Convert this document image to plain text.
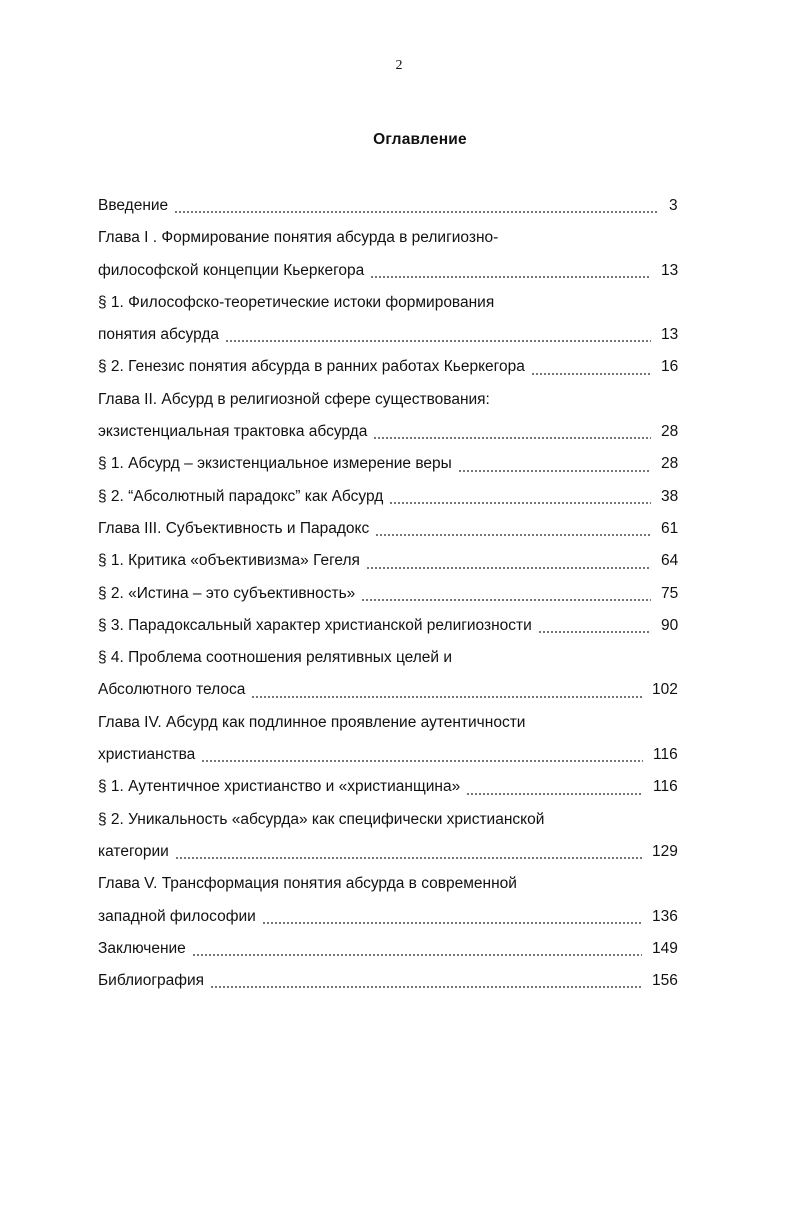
2
Оглавление
Введение	3
Глава I . Формирование понятия абсурда в религиозно-
философской концепции Кьеркегора	13
§ 1. Философско-теоретические истоки формирования
понятия абсурда	13
§ 2. Генезис понятия абсурда в ранних работах Кьеркегора	16
Глава II. Абсурд в религиозной сфере существования:
экзистенциальная трактовка абсурда	28
§ 1. Абсурд – экзистенциальное измерение веры	28
§ 2. “Абсолютный парадокс” как Абсурд	38
Глава III. Субъективность и Парадокс	61
§ 1. Критика «объективизма» Гегеля	64
§ 2. «Истина – это субъективность»	75
§ 3. Парадоксальный характер христианской религиозности	90
§ 4. Проблема соотношения релятивных целей и
Абсолютного телоса	102
Глава IV. Абсурд как подлинное проявление аутентичности
христианства	116
§ 1. Аутентичное христианство и «христианщина»	116
§ 2. Уникальность «абсурда» как специфически христианской
категории	129
Глава V. Трансформация понятия абсурда в современной
западной философии	136
Заключение	149
Библиография	156
